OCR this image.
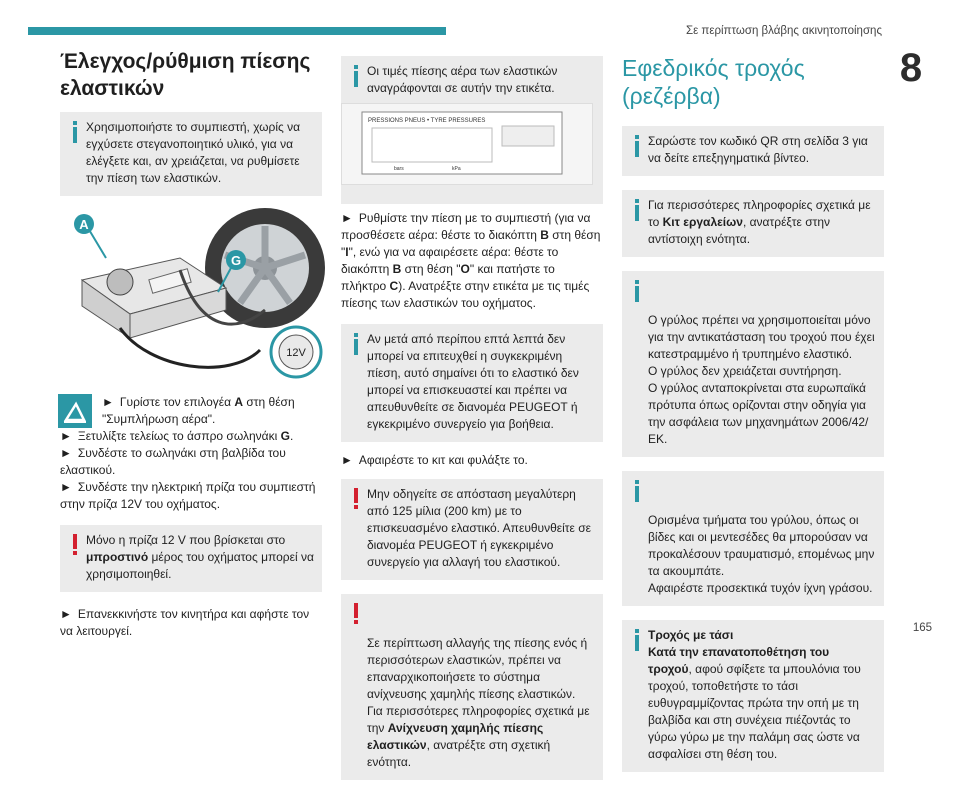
Σε περίπτωση βλάβης ακινητοποίησης
8
165
Έλεγχος/ρύθμιση πίεσης ελαστικών
Χρησιμοποιήστε το συμπιεστή, χωρίς να εγχύσετε στεγανοποιητικό υλικό, για να ελέγξετε και, αν χρειάζεται, να ρυθμίσετε την πίεση των ελαστικών.
A
G
12V

► Γυρίστε τον επιλογέα A στη θέση "Συμπλήρωση αέρα".

► Ξετυλίξτε τελείως το άσπρο σωληνάκι G.

► Συνδέστε το σωληνάκι στη βαλβίδα του ελαστικού.

► Συνδέστε την ηλεκτρική πρίζα του συμπιεστή στην πρίζα 12V του οχήματος.

Μόνο η πρίζα 12 V που βρίσκεται στο μπροστινό μέρος του οχήματος μπορεί να χρησιμοποιηθεί.

► Επανεκκινήστε τον κινητήρα και αφήστε τον να λειτουργεί.

Οι τιμές πίεσης αέρα των ελαστικών αναγράφονται σε αυτήν την ετικέτα.
PRESSIONS PNEUS • TYRE PRESSURES
bars	kPa

► Ρυθμίστε την πίεση με το συμπιεστή (για να προσθέσετε αέρα: θέστε το διακόπτη B στη θέση "I", ενώ για να αφαιρέσετε αέρα: θέστε το διακόπτη B στη θέση "O" και πατήστε το πλήκτρο C). Ανατρέξτε στην ετικέτα με τις τιμές πίεσης των ελαστικών του οχήματος.

Αν μετά από περίπου επτά λεπτά δεν μπορεί να επιτευχθεί η συγκεκριμένη πίεση, αυτό σημαίνει ότι το ελαστικό δεν μπορεί να επισκευαστεί και πρέπει να απευθυνθείτε σε διανομέα PEUGEOT ή εγκεκριμένο συνεργείο για βοήθεια.

► Αφαιρέστε το κιτ και φυλάξτε το.

Μην οδηγείτε σε απόσταση μεγαλύτερη από 125 μίλια (200 km) με το επισκευασμένο ελαστικό. Απευθυνθείτε σε διανομέα PEUGEOT ή εγκεκριμένο συνεργείο για αλλαγή του ελαστικού.

Σε περίπτωση αλλαγής της πίεσης ενός ή περισσότερων ελαστικών, πρέπει να επαναρχικοποιήσετε το σύστημα ανίχνευσης χαμηλής πίεσης ελαστικών.
Για περισσότερες πληροφορίες σχετικά με την Ανίχνευση χαμηλής πίεσης ελαστικών, ανατρέξτε στη σχετική ενότητα.

Εφεδρικός τροχός (ρεζέρβα)
Σαρώστε τον κωδικό QR στη σελίδα 3 για να δείτε επεξηγηματικά βίντεο.
Για περισσότερες πληροφορίες σχετικά με το Κιτ εργαλείων, ανατρέξτε στην αντίστοιχη ενότητα.

Ο γρύλος πρέπει να χρησιμοποιείται μόνο για την αντικατάσταση του τροχού που έχει κατεστραμμένο ή τρυπημένο ελαστικό.
Ο γρύλος δεν χρειάζεται συντήρηση.
Ο γρύλος ανταποκρίνεται στα ευρωπαϊκά πρότυπα όπως ορίζονται στην οδηγία για την ασφάλεια των μηχανημάτων 2006/42/ΕΚ.

Ορισμένα τμήματα του γρύλου, όπως οι βίδες και οι μεντεσέδες θα μπορούσαν να προκαλέσουν τραυματισμό, επομένως μην τα ακουμπάτε.
Αφαιρέστε προσεκτικά τυχόν ίχνη γράσου.

Τροχός με τάσι
Κατά την επανατοποθέτηση του τροχού, αφού σφίξετε τα μπουλόνια του τροχού, τοποθετήστε το τάσι ευθυγραμμίζοντας πρώτα την οπή με τη βαλβίδα και στη συνέχεια πιέζοντάς το γύρω γύρω με την παλάμη σας ώστε να ασφαλίσει στη θέση του.
